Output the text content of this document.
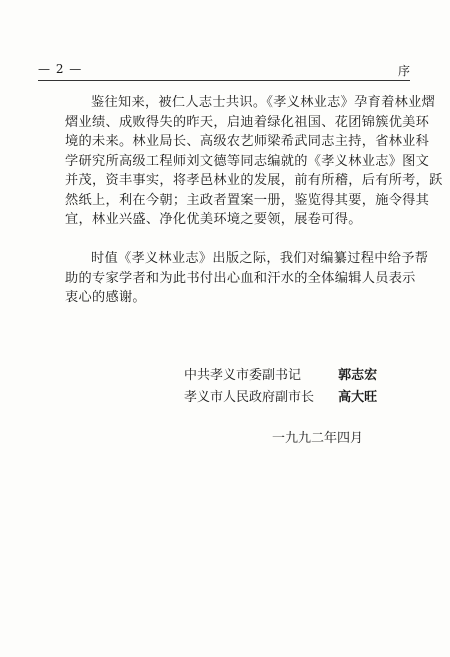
— 2 —	序
鉴往知来，被仁人志士共识。《孝义林业志》孕育着林业熠
熠业绩、成败得失的昨天，启迪着绿化祖国、花团锦簇优美环
境的未来。林业局长、高级农艺师梁希武同志主持，省林业科
学研究所高级工程师刘文德等同志编就的《孝义林业志》图文
并茂，资丰事实，将孝邑林业的发展，前有所稽，后有所考，跃
然纸上，利在今朝；主政者置案一册，鉴览得其要，施令得其
宜，林业兴盛、净化优美环境之要领，展卷可得。
时值《孝义林业志》出版之际，我们对编纂过程中给予帮
助的专家学者和为此书付出心血和汗水的全体编辑人员表示
衷心的感谢。
中共孝义市委副书记	郭志宏
孝义市人民政府副市长 高大旺
一九九二年四月
